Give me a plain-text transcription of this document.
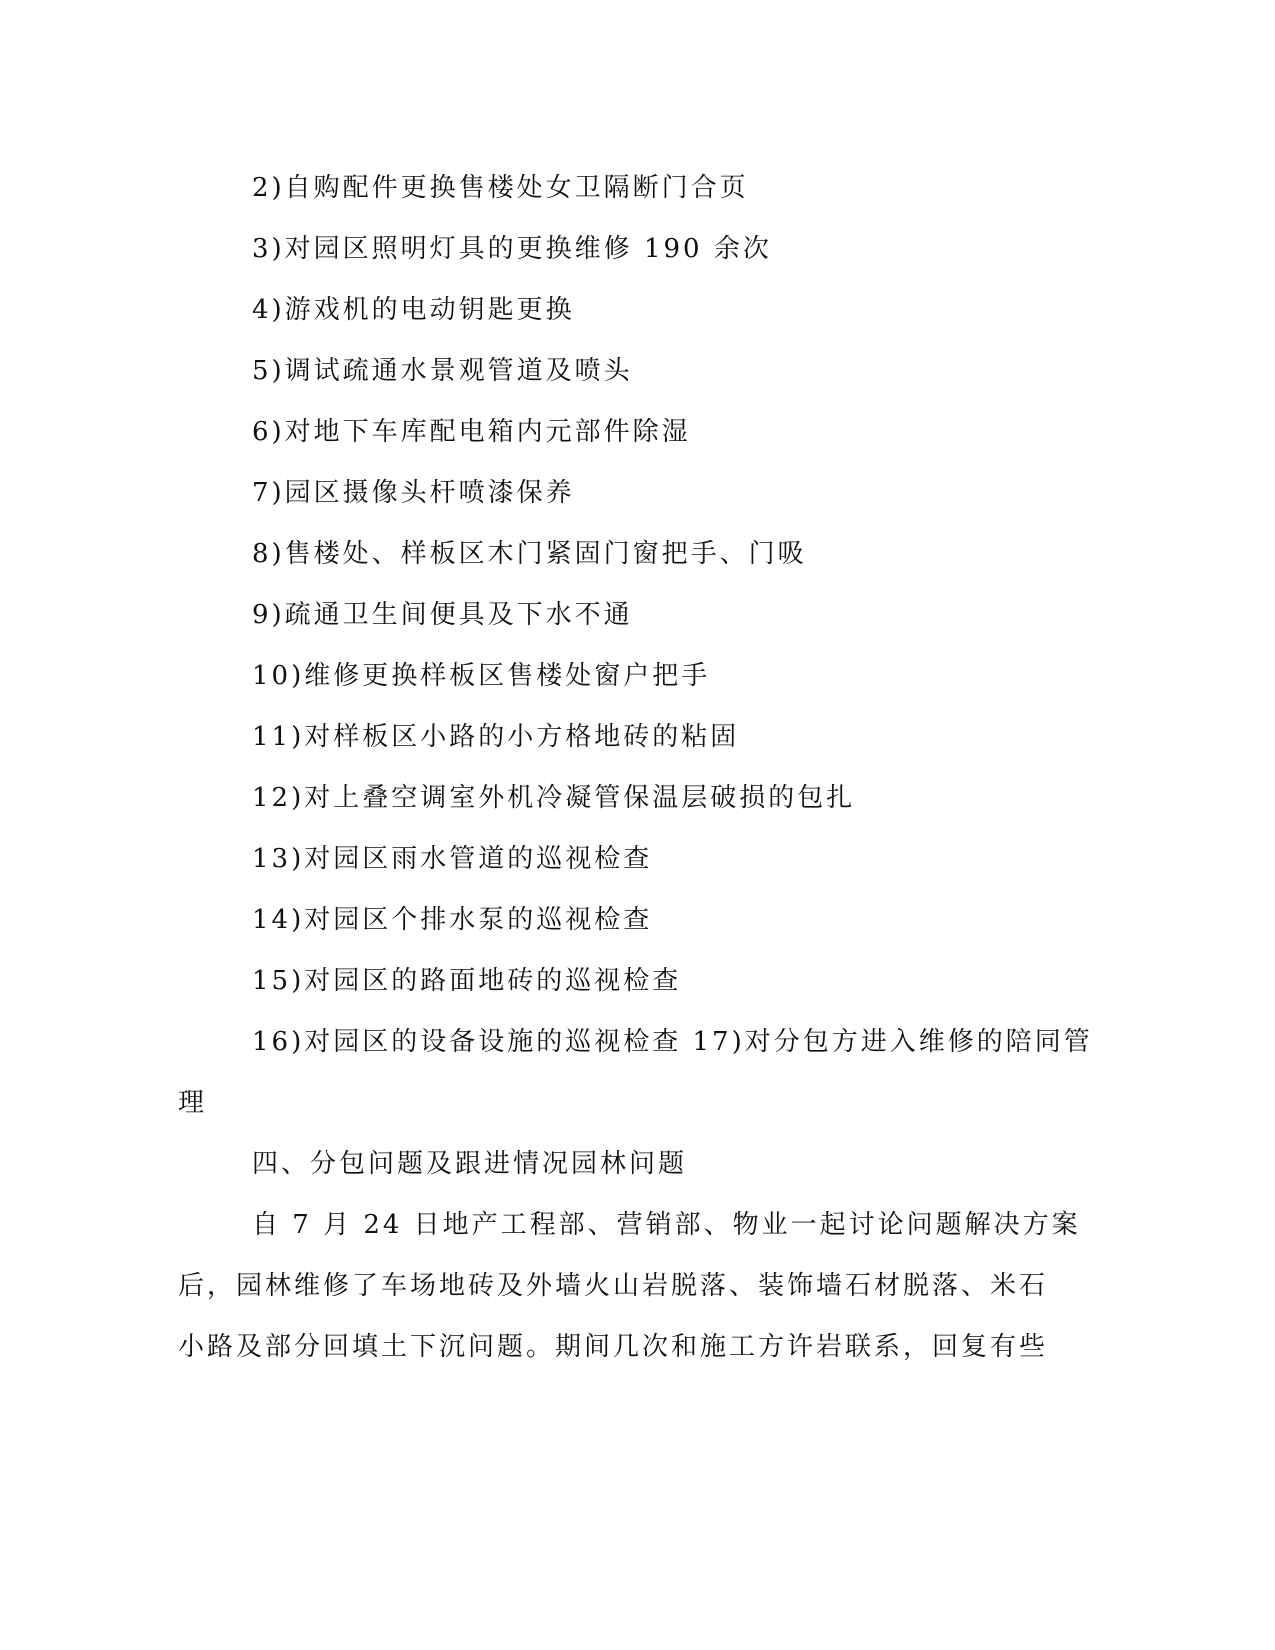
2)自购配件更换售楼处女卫隔断门合页
3)对园区照明灯具的更换维修 190 余次
4)游戏机的电动钥匙更换
5)调试疏通水景观管道及喷头
6)对地下车库配电箱内元部件除湿
7)园区摄像头杆喷漆保养
8)售楼处、样板区木门紧固门窗把手、门吸
9)疏通卫生间便具及下水不通
10)维修更换样板区售楼处窗户把手
11)对样板区小路的小方格地砖的粘固
12)对上叠空调室外机冷凝管保温层破损的包扎
13)对园区雨水管道的巡视检查
14)对园区个排水泵的巡视检查
15)对园区的路面地砖的巡视检查
16)对园区的设备设施的巡视检查 17)对分包方进入维修的陪同管
理
四、分包问题及跟进情况园林问题
自 7 月 24 日地产工程部、营销部、物业一起讨论问题解决方案
后，园林维修了车场地砖及外墙火山岩脱落、装饰墙石材脱落、米石
小路及部分回填土下沉问题。期间几次和施工方许岩联系，回复有些
